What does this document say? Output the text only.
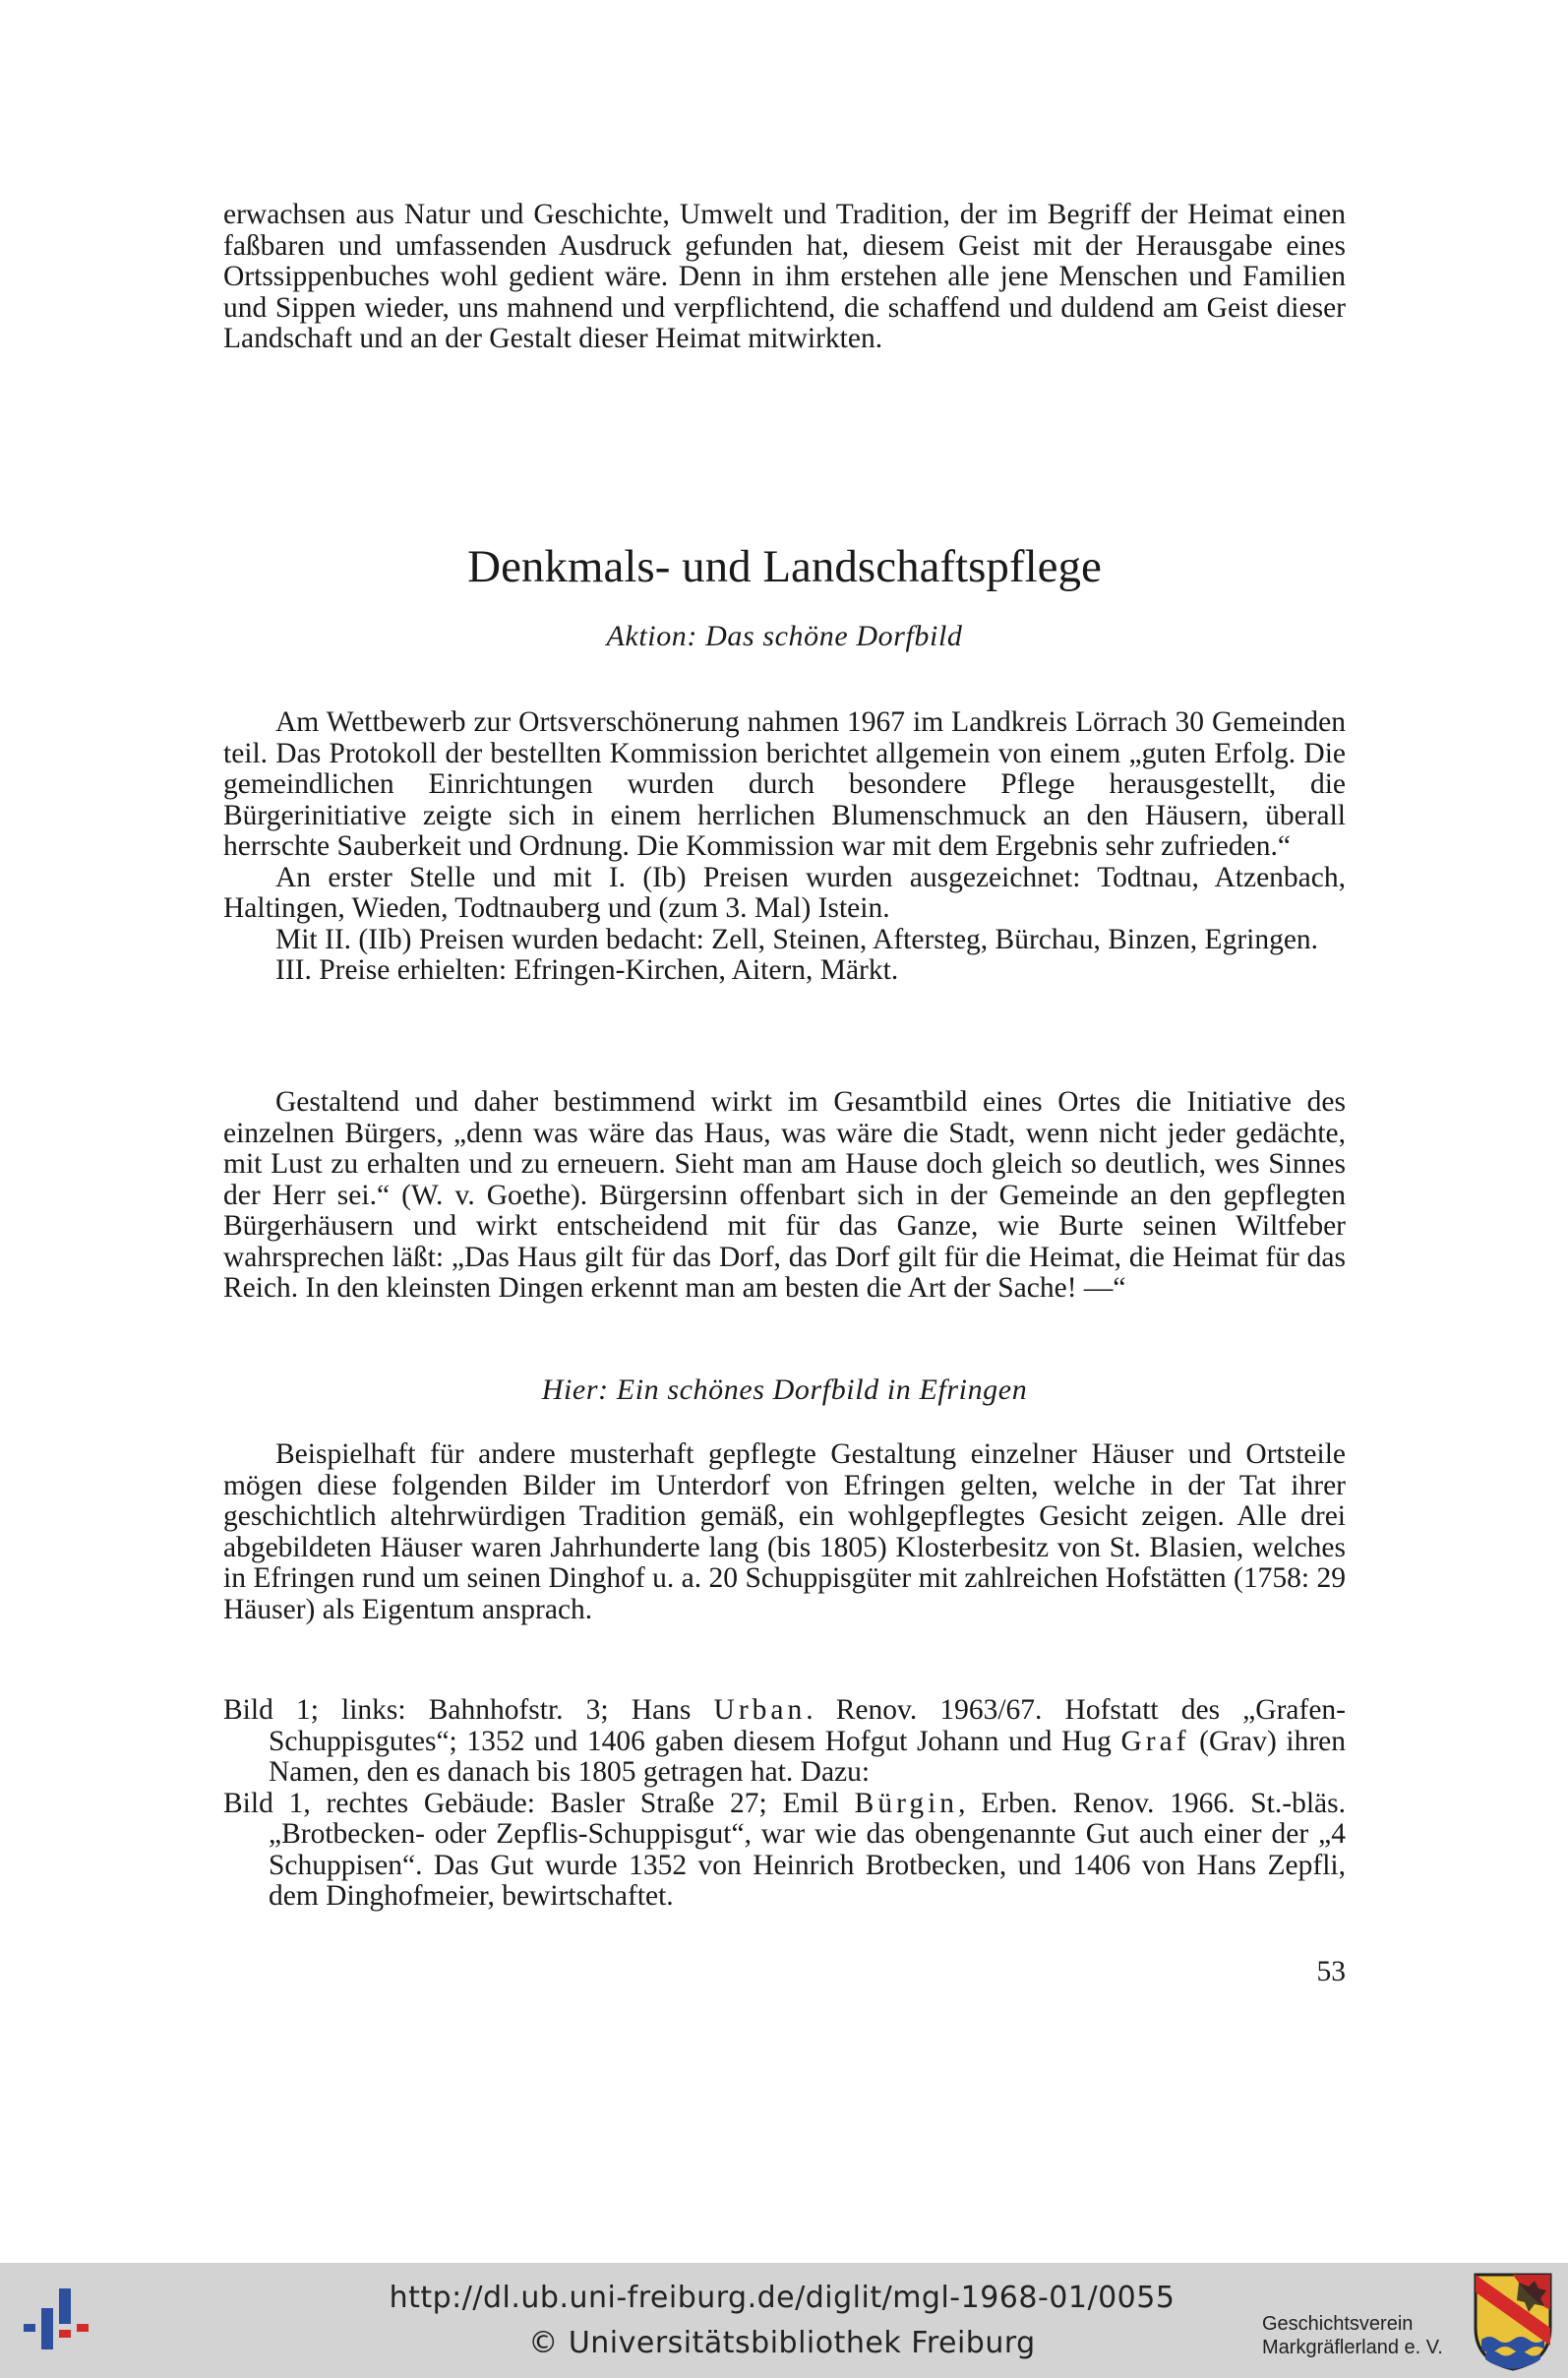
erwachsen aus Natur und Geschichte, Umwelt und Tradition, der im Begriff der Heimat einen faßbaren und umfassenden Ausdruck gefunden hat, diesem Geist mit der Herausgabe eines Ortssippenbuches wohl gedient wäre. Denn in ihm erstehen alle jene Menschen und Familien und Sippen wieder, uns mahnend und verpflichtend, die schaffend und duldend am Geist dieser Landschaft und an der Gestalt dieser Heimat mitwirkten.

Denkmals- und Landschaftspflege

Aktion: Das schöne Dorfbild

Am Wettbewerb zur Ortsverschönerung nahmen 1967 im Landkreis Lörrach 30 Gemeinden teil. Das Protokoll der bestellten Kommission berichtet allgemein von einem „guten Erfolg. Die gemeindlichen Einrichtungen wurden durch besondere Pflege herausgestellt, die Bürgerinitiative zeigte sich in einem herrlichen Blumenschmuck an den Häusern, überall herrschte Sauberkeit und Ordnung. Die Kommission war mit dem Ergebnis sehr zufrieden.“

An erster Stelle und mit I. (Ib) Preisen wurden ausgezeichnet: Todtnau, Atzenbach, Haltingen, Wieden, Todtnauberg und (zum 3. Mal) Istein.

Mit II. (IIb) Preisen wurden bedacht: Zell, Steinen, Aftersteg, Bürchau, Binzen, Egringen.

III. Preise erhielten: Efringen-Kirchen, Aitern, Märkt.

Gestaltend und daher bestimmend wirkt im Gesamtbild eines Ortes die Initiative des einzelnen Bürgers, „denn was wäre das Haus, was wäre die Stadt, wenn nicht jeder gedächte, mit Lust zu erhalten und zu erneuern. Sieht man am Hause doch gleich so deutlich, wes Sinnes der Herr sei.“ (W. v. Goethe). Bürgersinn offenbart sich in der Gemeinde an den gepflegten Bürgerhäusern und wirkt entscheidend mit für das Ganze, wie Burte seinen Wiltfeber wahrsprechen läßt: „Das Haus gilt für das Dorf, das Dorf gilt für die Heimat, die Heimat für das Reich. In den kleinsten Dingen erkennt man am besten die Art der Sache! —“

Hier: Ein schönes Dorfbild in Efringen

Beispielhaft für andere musterhaft gepflegte Gestaltung einzelner Häuser und Ortsteile mögen diese folgenden Bilder im Unterdorf von Efringen gelten, welche in der Tat ihrer geschichtlich altehrwürdigen Tradition gemäß, ein wohlgepflegtes Gesicht zeigen. Alle drei abgebildeten Häuser waren Jahrhunderte lang (bis 1805) Klosterbesitz von St. Blasien, welches in Efringen rund um seinen Dinghof u. a. 20 Schuppisgüter mit zahlreichen Hofstätten (1758: 29 Häuser) als Eigentum ansprach.

Bild 1; links: Bahnhofstr. 3; Hans Urban. Renov. 1963/67. Hofstatt des „Grafen-Schuppisgutes“; 1352 und 1406 gaben diesem Hofgut Johann und Hug Graf (Grav) ihren Namen, den es danach bis 1805 getragen hat. Dazu:

Bild 1, rechtes Gebäude: Basler Straße 27; Emil Bürgin, Erben. Renov. 1966. St.-bläs. „Brotbecken- oder Zepflis-Schuppisgut“, war wie das obengenannte Gut auch einer der „4 Schuppisen“. Das Gut wurde 1352 von Heinrich Brotbecken, und 1406 von Hans Zepfli, dem Dinghofmeier, bewirtschaftet.

53
http://dl.ub.uni-freiburg.de/diglit/mgl-1968-01/0055
© Universitätsbibliothek Freiburg
Geschichtsverein
Markgräflerland e. V.
